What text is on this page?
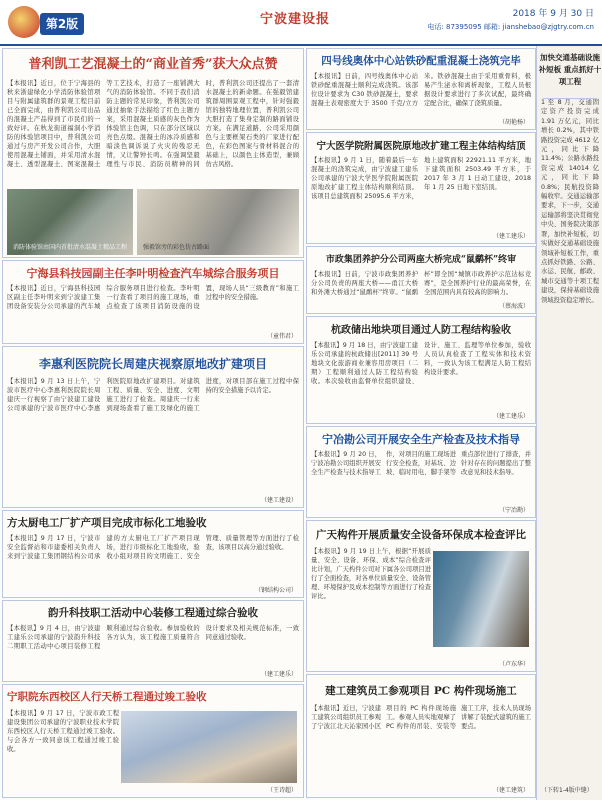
第2版	宁波建设报	2018 年 9 月 30 日
电话: 87395095 邮箱: jianshebao@zjgtry.com.cn
普利凯工艺混凝土的“商业首秀”获大众点赞
【本报讯】近日，位于宁海县的秋来浙建绿化小学消防体验馆项目与附属建筑群的景观工程目前已全面完成，由普利凯公司出品的混凝土产品得到了市民们的一致好评。在秋龙街道福洞小学消防的体验馆项目中，普利凯公司通过与房产开发公司合作，大胆使用混凝土铺面，并采用清水混凝土、透型混凝土、图案混凝土等工艺技术，打造了一座铺满大气的消防体验馆。不同于我们消防主题的常见印象，普利凯公司通过抽象手法描绘了红色主题方案，采用混凝土质感的灰色作为体验馆主色调，只在部分区域以亮色点缀。混凝土的冰冷质感和暗淡色调诉说了火灾的残忍无情，又让警钟长鸣。在强调坚毅理性与市民、消防员精神的同时，普利凯公司还提出了一套清水混凝土的新命题。在强毅馆建筑群周围景观工程中，针对强毅馆的独特地理位置，普利凯公司大胆打造了集身定制的路面铺设方案。在满足道路、公司采用颜色与主要框架石类的厂家进行配色，在彩色图案与骨材料混合的基础上，以颜色主体造型，兼顾仿古风格。
消防体验馆由国内首批清水混凝土精品工程	强毅馆旁的彩色仿古路面
宁海县科技园副主任李叶明检查汽车城综合服务项目
【本报讯】近日，宁海县科技园区副主任李叶明来到宁波建工集团设备安装分公司承建的汽车城综合服务项目进行检查。李叶明一行查看了项目的施工现场，重点检查了该项目消防设施的设置，现场人员“三级教育”和施工过程中的安全措施。
（童伟君）
李惠利医院院长周建庆视察原地改扩建项目
【本报讯】9 月 13 日上午，宁波市医疗中心李惠利医院院长周建庆一行视察了由宁波建工建设公司承建的宁波市医疗中心李惠利医院原地改扩建项目。对建筑工程、质量、安全、进度、文明施工进行了检查。周建庆一行来到现场查看了施工及绿化的施工进度，对项目部在施工过程中保持的安全措施予以肯定。
（建工建设）
方太厨电工厂扩产项目完成市标化工地验收
【本报讯】9 月 17 日，宁波市安全监督站和市建委相关负责人来到宁波建工集团钢结构公司承建的方太厨电工厂扩产项目现场，进行市级标化工地验收，验收小组对项目的文明施工、安全管理、质量管理等方面进行了检查，该项目以高分通过验收。
（钢结构公司）
韵升科技职工活动中心装修工程通过综合验收
【本报讯】9 月 4 日，由宁波建工建乐公司承建的宁波韵升科技二期职工活动中心项目装修工程顺利通过综合验收。参加验收的各方认为，该工程施工质量符合设计要求及相关规范标准，一致同意通过验收。
（建工建乐）
宁职院东西校区人行天桥工程通过竣工验收
【本报讯】9 月 17 日，宁波市政工程建设集团公司承建的宁波职业技术学院东西校区人行天桥工程通过竣工验收。与会各方一致同意该工程通过竣工验收。
（王诗超）
四号线奥体中心站铁砂配重混凝土浇筑完毕
【本报讯】日前，四号线奥体中心站铁砂配重混凝土顺利完成浇筑。该部位设计要求为 C30 铁砂混凝土，要求混凝土表观密度大于 3500 千克/立方米。铁砂混凝土由于采用重骨料，极易产生泌水和离析现象，工程人员根据设计要求进行了多次试配，最终确定配合比，确保了浇筑质量。
（胡艳杨）
宁大医学院附属医院原地改扩建工程主体结构结顶
【本报讯】9 月 1 日，随着最后一车混凝土的浇筑完成，由宁波建工建乐公司承建的宁波大学医学院附属医院原地改扩建工程主体结构顺利结顶。该项目总建筑面积 25095.6 平方米，地上建筑面积 22921.11 平方米，地下建筑面积 2503.49 平方米，于 2017 年 3 月 1 日动工建设，2018 年 1 月 25 日地下室结顶。
（建工建乐）
市政集团养护分公司两座大桥完成“鼠鹬杯”终审
【本报讯】日前，宁波市政集团养护分公司负责的两座大桥——甬江大桥和外滩大桥通过“鼠鹬杯”终审。“鼠鹬杯”即全国“城镇市政养护示范达标竞赛”，是全国养护行业的最高荣誉，在全国范围内具有较高的影响力。
（蔡海波）
杭政储出地块项目通过人防工程结构验收
【本报讯】9 月 18 日，由宁波建工建乐公司承建的杭政储出[2011] 39 号地块文化旅游商业兼容用房项目（二期）工程顺利通过人防工程结构验收。本次验收由监督单位组织建设、设计、施工、监理等单位参加，验收人员认真检查了工程实体和技术资料，一致认为该工程满足人防工程结构设计要求。
（建工建乐）
宁冶勘公司开展安全生产检查及技术指导
【本报讯】9 月 20 日，宁波冶勘公司组织开展安全生产检查与技术指导工作，对项目的施工现场进行安全检查，对基坑、边坡、临时用电、脚手架等重点部位进行了排查，并针对存在的问题提出了整改意见和技术指导。
（宁冶勘）
广天构件开展质量安全设备环保成本检查评比
【本报讯】9 月 19 日上午，根据“开展质量、安全、设备、环保、成本”综合检查评比计划，广天构件公司对下属各公司项目进行了全面检查，对各单位质量安全、设备管理、环境保护及成本控制等方面进行了检查评比。
（卢东华）
建工建筑员工参观项目 PC 构件现场施工
【本报讯】近日，宁波建工建筑公司组织员工参观了宁波江北天沁家园小区项目的 PC 构件现场施工。参观人员实地观摩了 PC 构件的吊装、安装等施工工序，技术人员现场讲解了装配式建筑的施工要点。
（建工建筑）
加快交通基础设施补短板 重点抓好十项工程
1 至 8 月，交通固定资产投资完成 1.91 万亿元，同比增长 0.2%，其中铁路投资完成 4612 亿元，同比下降 11.4%；公路水路投资完成 14014 亿元，同比下降 0.8%；民航投资降幅收窄。交通运输部要求，下一步，交通运输部将坚决贯彻党中央、国务院决策部署，加快补短板，切实做好交通基础设施领域补短板工作，重点抓好铁路、公路、水运、民航、邮政、城市交通等十项工程建设，保持基础设施领域投资稳定增长。
（下转1-4版中缝）
